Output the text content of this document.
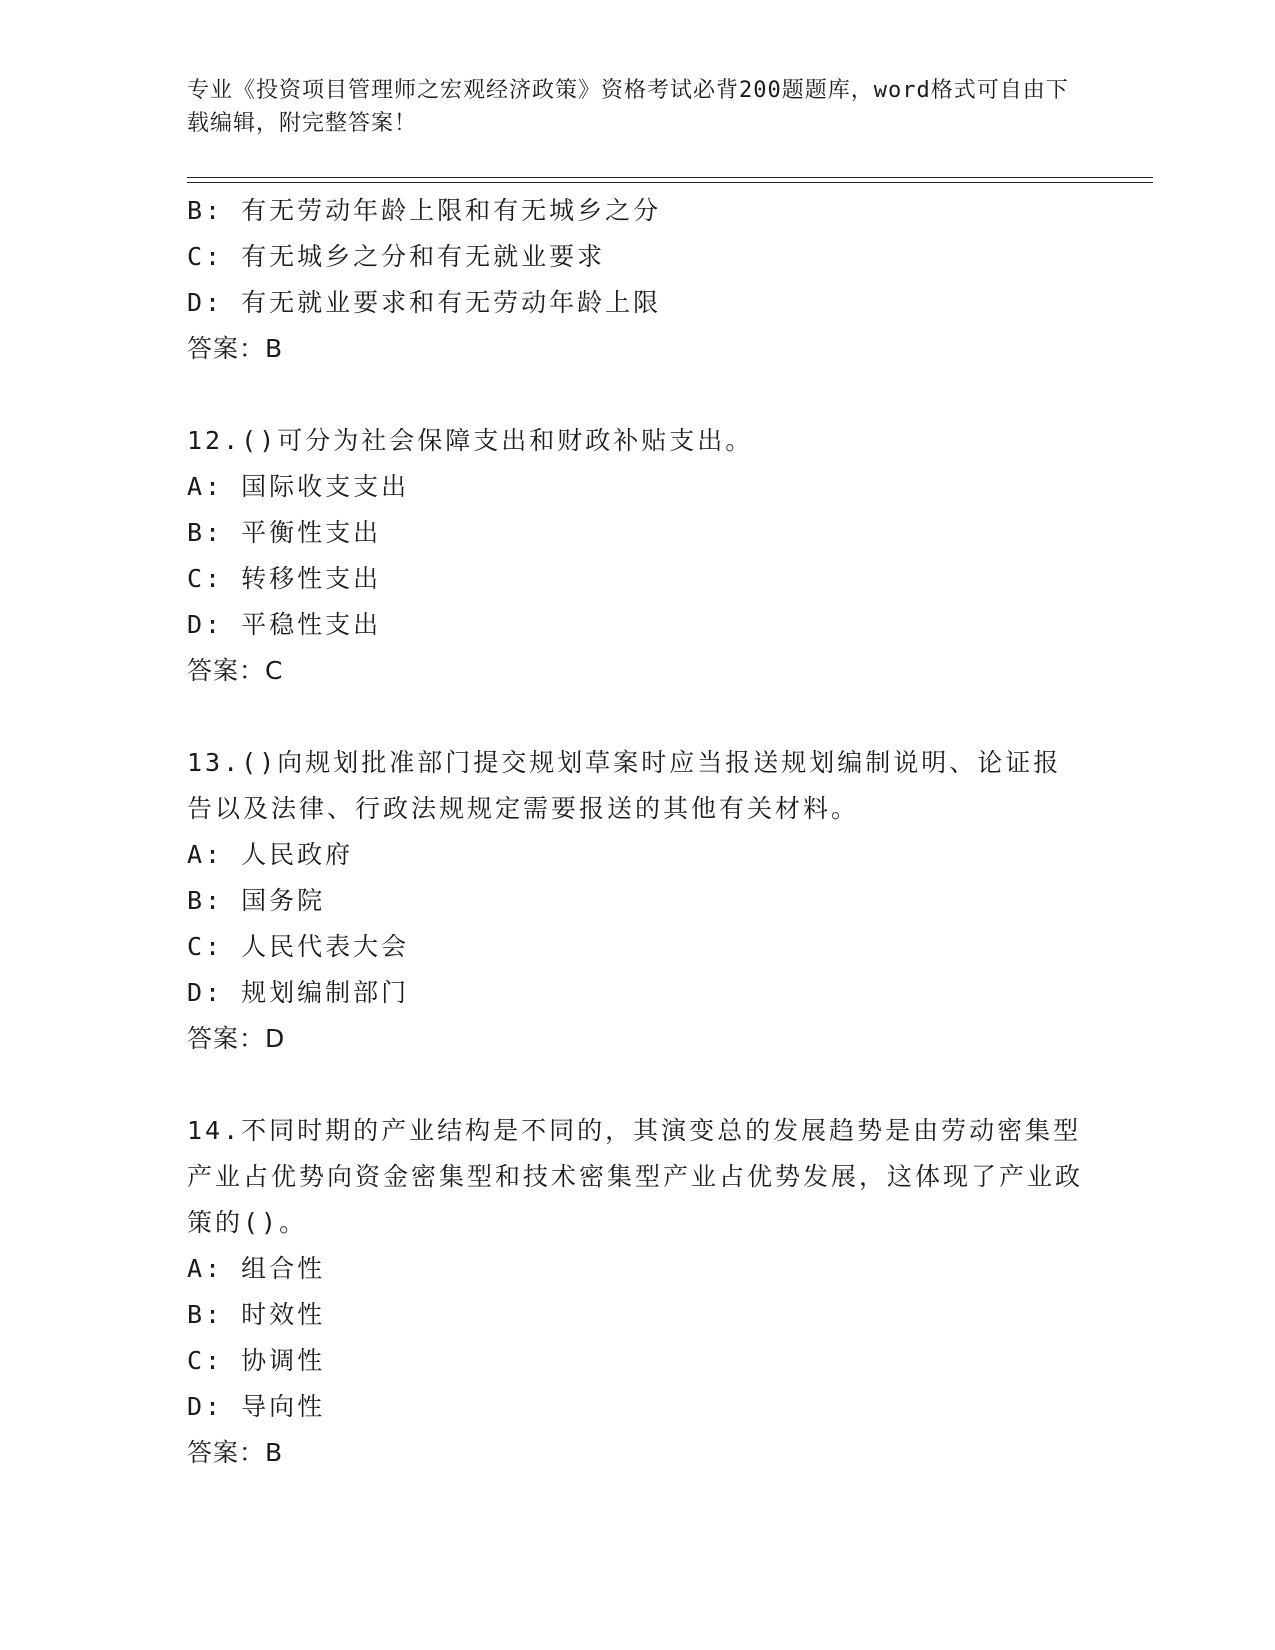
专业《投资项目管理师之宏观经济政策》资格考试必背200题题库，word格式可自由下载编辑，附完整答案！
B: 有无劳动年龄上限和有无城乡之分
C: 有无城乡之分和有无就业要求
D: 有无就业要求和有无劳动年龄上限
答案：B
12.()可分为社会保障支出和财政补贴支出。
A: 国际收支支出
B: 平衡性支出
C: 转移性支出
D: 平稳性支出
答案：C
13.()向规划批准部门提交规划草案时应当报送规划编制说明、论证报告以及法律、行政法规规定需要报送的其他有关材料。
A: 人民政府
B: 国务院
C: 人民代表大会
D: 规划编制部门
答案：D
14.不同时期的产业结构是不同的，其演变总的发展趋势是由劳动密集型产业占优势向资金密集型和技术密集型产业占优势发展，这体现了产业政策的()。
A: 组合性
B: 时效性
C: 协调性
D: 导向性
答案：B
